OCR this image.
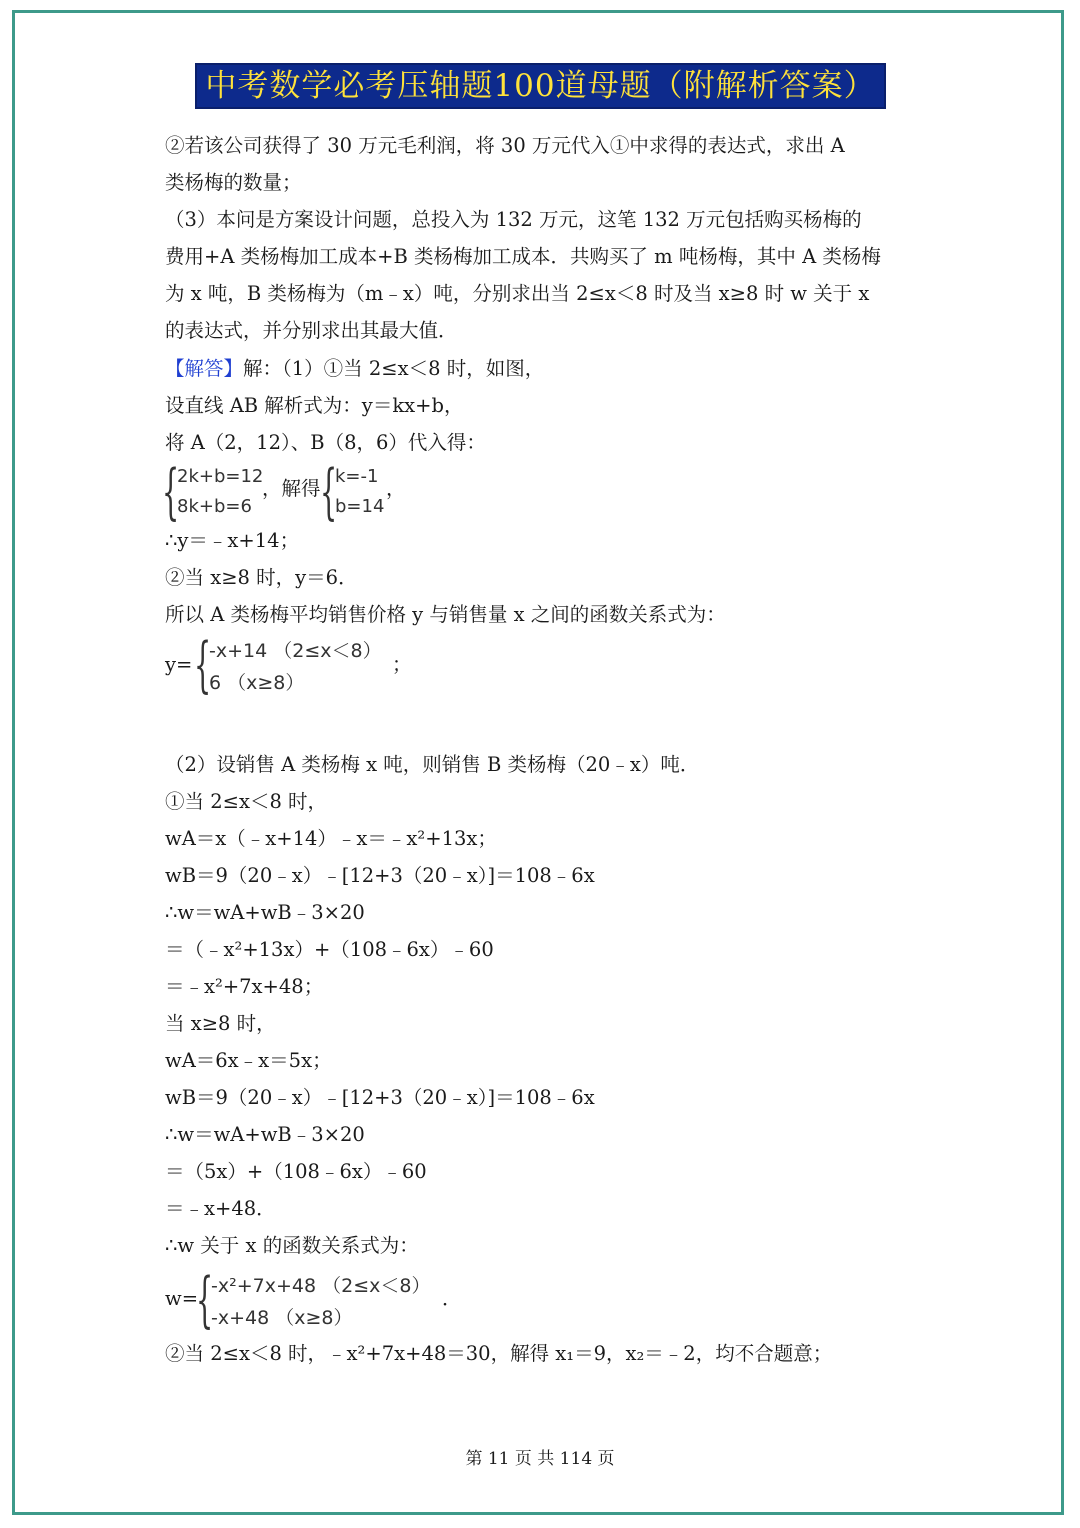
中考数学必考压轴题100道母题（附解析答案）
②若该公司获得了 30 万元毛利润，将 30 万元代入①中求得的表达式，求出 A
类杨梅的数量；
（3）本问是方案设计问题，总投入为 132 万元，这笔 132 万元包括购买杨梅的
费用+A 类杨梅加工成本+B 类杨梅加工成本．共购买了 m 吨杨梅，其中 A 类杨梅
为 x 吨，B 类杨梅为（m﹣x）吨，分别求出当 2≤x＜8 时及当 x≥8 时 w 关于 x
的表达式，并分别求出其最大值．
【解答】解：（1）①当 2≤x＜8 时，如图，
设直线 AB 解析式为：y＝kx+b，
将 A（2，12）、B（8，6）代入得：
{
2k+b=12
8k+b=6
，解得 {
k=-1
b=14
，
∴y＝﹣x+14；
②当 x≥8 时，y＝6．
所以 A 类杨梅平均销售价格 y 与销售量 x 之间的函数关系式为：
y= {
-x+14 （2≤x＜8）
6 （x≥8）
；
（2）设销售 A 类杨梅 x 吨，则销售 B 类杨梅（20﹣x）吨．
①当 2≤x＜8 时，
wA＝x（﹣x+14）﹣x＝﹣x²+13x；
wB＝9（20﹣x）﹣[12+3（20﹣x）]＝108﹣6x
∴w＝wA+wB﹣3×20
＝（﹣x²+13x）+（108﹣6x）﹣60
＝﹣x²+7x+48；
当 x≥8 时，
wA＝6x﹣x＝5x；
wB＝9（20﹣x）﹣[12+3（20﹣x）]＝108﹣6x
∴w＝wA+wB﹣3×20
＝（5x）+（108﹣6x）﹣60
＝﹣x+48．
∴w 关于 x 的函数关系式为：
w=
{
-x²+7x+48 （2≤x＜8）
-x+48 （x≥8）
．
②当 2≤x＜8 时，﹣x²+7x+48＝30，解得 x₁＝9，x₂＝﹣2，均不合题意；
第 11 页 共 114 页
